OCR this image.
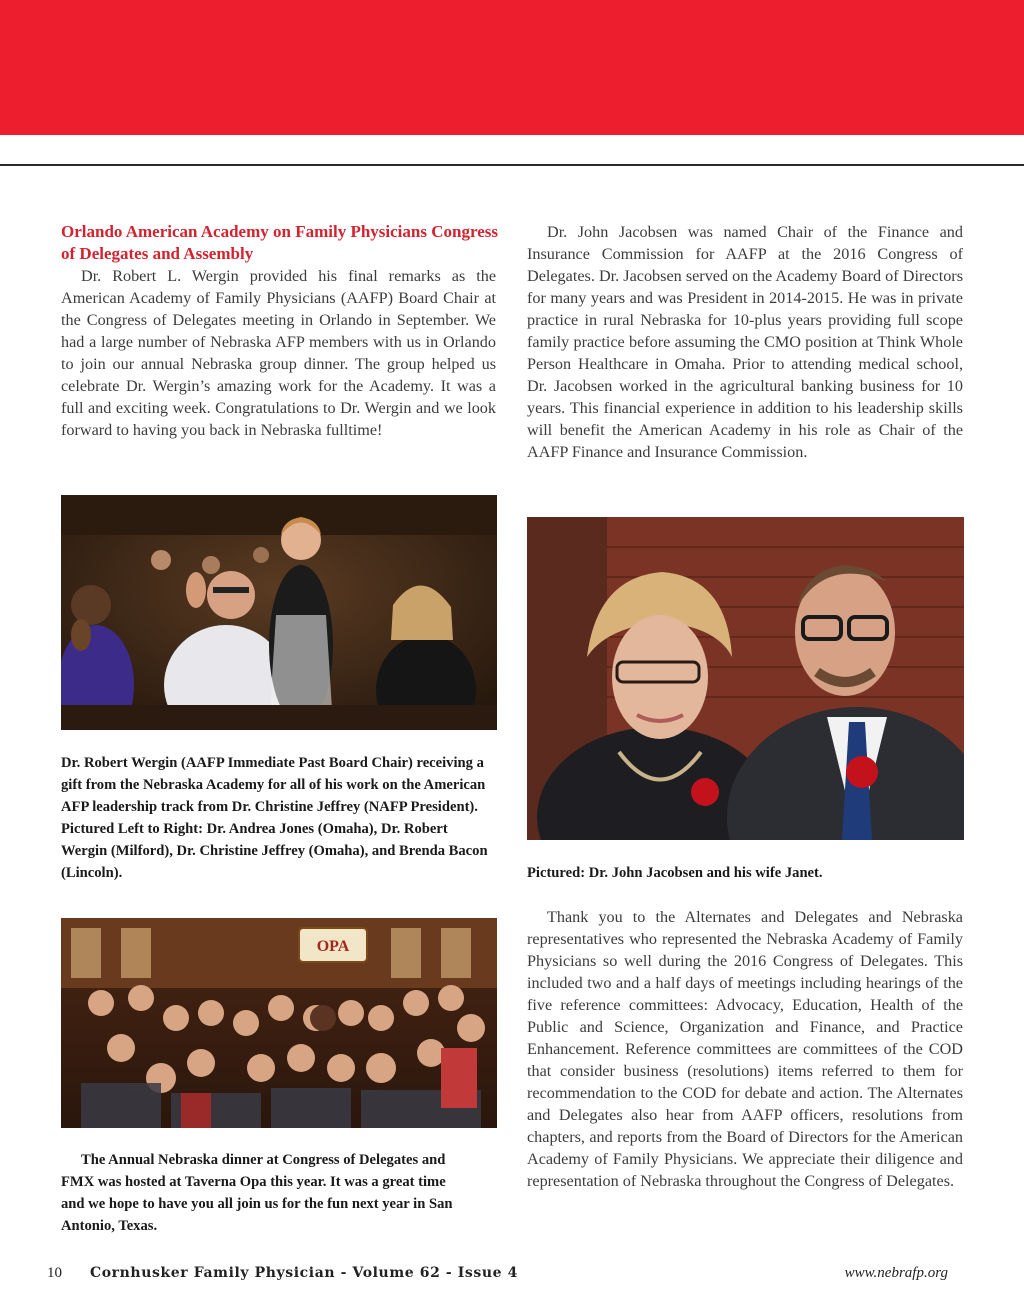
Orlando American Academy on Family Physicians Congress of Delegates and Assembly
Dr. Robert L. Wergin provided his final remarks as the American Academy of Family Physicians (AAFP) Board Chair at the Congress of Delegates meeting in Orlando in September. We had a large number of Nebraska AFP members with us in Orlando to join our annual Nebraska group dinner. The group helped us celebrate Dr. Wergin’s amazing work for the Academy. It was a full and exciting week. Congratulations to Dr. Wergin and we look forward to having you back in Nebraska fulltime!
Dr. John Jacobsen was named Chair of the Finance and Insurance Commission for AAFP at the 2016 Congress of Delegates. Dr. Jacobsen served on the Academy Board of Directors for many years and was President in 2014-2015. He was in private practice in rural Nebraska for 10-plus years providing full scope family practice before assuming the CMO position at Think Whole Person Healthcare in Omaha. Prior to attending medical school, Dr. Jacobsen worked in the agricultural banking business for 10 years. This financial experience in addition to his leadership skills will benefit the American Academy in his role as Chair of the AAFP Finance and Insurance Commission.
Dr. Robert Wergin (AAFP Immediate Past Board Chair) receiving a gift from the Nebraska Academy for all of his work on the American AFP leadership track from Dr. Christine Jeffrey (NAFP President). Pictured Left to Right: Dr. Andrea Jones (Omaha), Dr. Robert Wergin (Milford), Dr. Christine Jeffrey (Omaha), and Brenda Bacon (Lincoln).	Pictured: Dr. John Jacobsen and his wife Janet.
OPA
The Annual Nebraska dinner at Congress of Delegates and FMX was hosted at Taverna Opa this year. It was a great time and we hope to have you all join us for the fun next year in San Antonio, Texas.
Thank you to the Alternates and Delegates and Nebraska representatives who represented the Nebraska Academy of Family Physicians so well during the 2016 Congress of Delegates. This included two and a half days of meetings including hearings of the five reference committees: Advocacy, Education, Health of the Public and Science, Organization and Finance, and Practice Enhancement. Reference committees are committees of the COD that consider business (resolutions) items referred to them for recommendation to the COD for debate and action. The Alternates and Delegates also hear from AAFP officers, resolutions from chapters, and reports from the Board of Directors for the American Academy of Family Physicians. We appreciate their diligence and representation of Nebraska throughout the Congress of Delegates.
10 Cornhusker Family Physician - Volume 62 - Issue 4	www.nebrafp.org
